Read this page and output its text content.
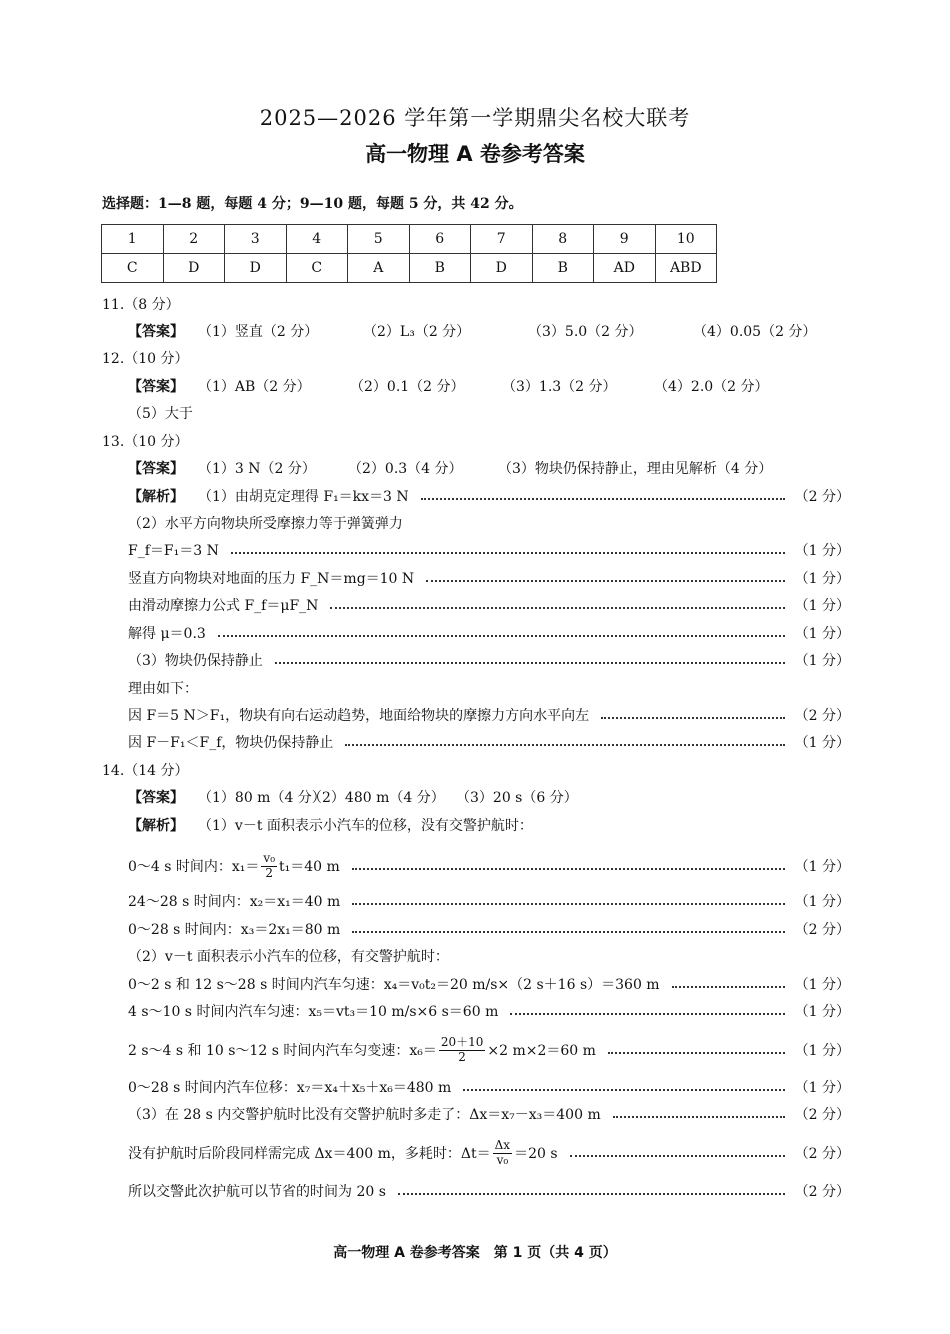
2025—2026 学年第一学期鼎尖名校大联考
高一物理 A 卷参考答案
选择题：1—8 题，每题 4 分；9—10 题，每题 5 分，共 42 分。
1	2	3	4	5	6	7	8	9	10
C	D	D	C	A	B	D	B	AD	ABD
11.（8 分）
【答案】 （1）竖直（2 分）	（2）L₃（2 分）	（3）5.0（2 分）	（4）0.05（2 分）
12.（10 分）
【答案】 （1）AB（2 分）	（2）0.1（2 分）	（3）1.3（2 分）	（4）2.0（2 分）
（5）大于
13.（10 分）
【答案】 （1）3 N（2 分）	（2）0.3（4 分）	（3）物块仍保持静止，理由见解析（4 分）
【解析】 （1）由胡克定理得 F₁＝kx＝3 N	（2 分）
（2）水平方向物块所受摩擦力等于弹簧弹力
F_f＝F₁＝3 N	（1 分）
竖直方向物块对地面的压力 F_N＝mg＝10 N	（1 分）
由滑动摩擦力公式 F_f＝μF_N	（1 分）
解得 μ＝0.3	（1 分）
（3）物块仍保持静止	（1 分）
理由如下：
因 F＝5 N＞F₁，物块有向右运动趋势，地面给物块的摩擦力方向水平向左	（2 分）
因 F－F₁＜F_f，物块仍保持静止	（1 分）
14.（14 分）
【答案】 （1）80 m（4 分）
（2）480 m（4 分） （3）20 s（6 分）
【解析】 （1）v－t 面积表示小汽车的位移，没有交警护航时：
0～4 s 时间内：$x_1= \frac{\text{v₀}}{2} t_1=40$ m	（1 分）
24～28 s 时间内：x₂＝x₁＝40 m	（1 分）
0～28 s 时间内：x₃＝2x₁＝80 m	（2 分）
（2）v－t 面积表示小汽车的位移，有交警护航时：
0～2 s 和 12 s～28 s 时间内汽车匀速：x₄＝v₀t₂＝20 m/s×（2 s＋16 s）＝360 m	（1 分）
4 s～10 s 时间内汽车匀速：x₅＝vt₃＝10 m/s×6 s＝60 m	（1 分）
2 s～4 s 和 10 s～12 s 时间内汽车匀变速：$x_6= \frac{20+10}{2} \times 2$ m×2＝60 m	（1 分）
0～28 s 时间内汽车位移：x₇＝x₄＋x₅＋x₆＝480 m	（1 分）
（3）在 28 s 内交警护航时比没有交警护航时多走了：Δx＝x₇－x₃＝400 m	（2 分）
没有护航时后阶段同样需完成 Δx＝400 m，多耗时：$\Delta t= \frac{\Delta x}{\text{v₀}} =20$ s	（2 分）
所以交警此次护航可以节省的时间为 20 s	（2 分）
高一物理 A 卷参考答案　第 1 页（共 4 页）
